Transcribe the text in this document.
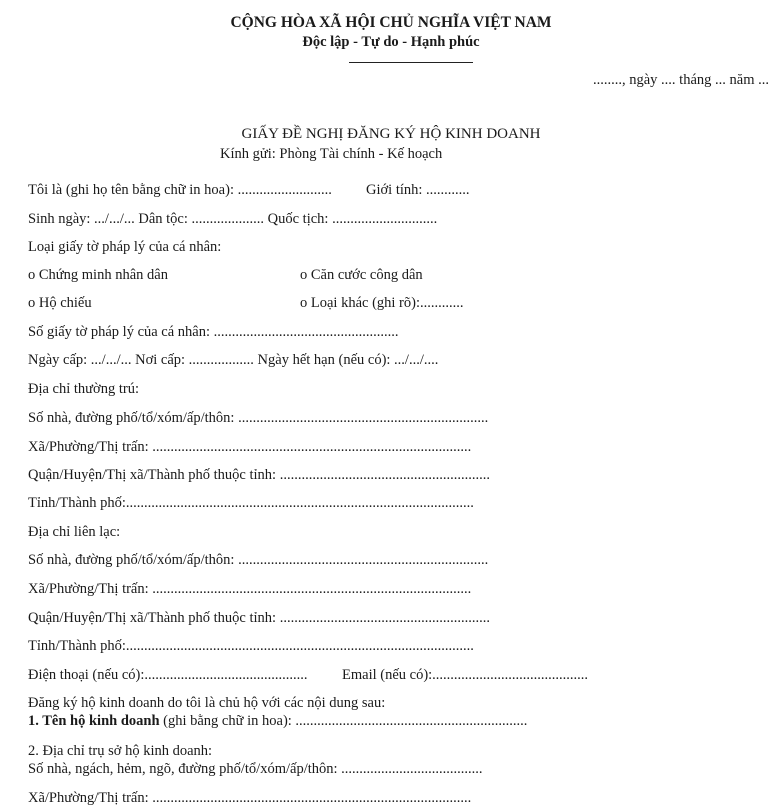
CỘNG HÒA XÃ HỘI CHỦ NGHĨA VIỆT NAM
Độc lập - Tự do - Hạnh phúc
........, ngày .... tháng ... năm ...
GIẤY ĐỀ NGHỊ ĐĂNG KÝ HỘ KINH DOANH
Kính gửi: Phòng Tài chính - Kế hoạch
Tôi là (ghi họ tên bằng chữ in hoa): .......................... Giới tính: ............
Sinh ngày: .../.../... Dân tộc: .................... Quốc tịch: .............................
Loại giấy tờ pháp lý của cá nhân:
o Chứng minh nhân dân	o Căn cước công dân
o Hộ chiếu	o Loại khác (ghi rõ):............
Số giấy tờ pháp lý của cá nhân: ...................................................
Ngày cấp: .../.../... Nơi cấp: .................. Ngày hết hạn (nếu có): .../.../....
Địa chỉ thường trú:
Số nhà, đường phố/tổ/xóm/ấp/thôn: .....................................................................
Xã/Phường/Thị trấn: ........................................................................................
Quận/Huyện/Thị xã/Thành phố thuộc tỉnh: ..........................................................
Tỉnh/Thành phố:................................................................................................
Địa chỉ liên lạc:
Số nhà, đường phố/tổ/xóm/ấp/thôn: .....................................................................
Xã/Phường/Thị trấn: ........................................................................................
Quận/Huyện/Thị xã/Thành phố thuộc tỉnh: ..........................................................
Tỉnh/Thành phố:................................................................................................
Điện thoại (nếu có):............................................. Email (nếu có):...........................................
Đăng ký hộ kinh doanh do tôi là chủ hộ với các nội dung sau:
1. Tên hộ kinh doanh (ghi bằng chữ in hoa): ................................................................
2. Địa chỉ trụ sở hộ kinh doanh:
Số nhà, ngách, hẻm, ngõ, đường phố/tổ/xóm/ấp/thôn: .......................................
Xã/Phường/Thị trấn: ........................................................................................
